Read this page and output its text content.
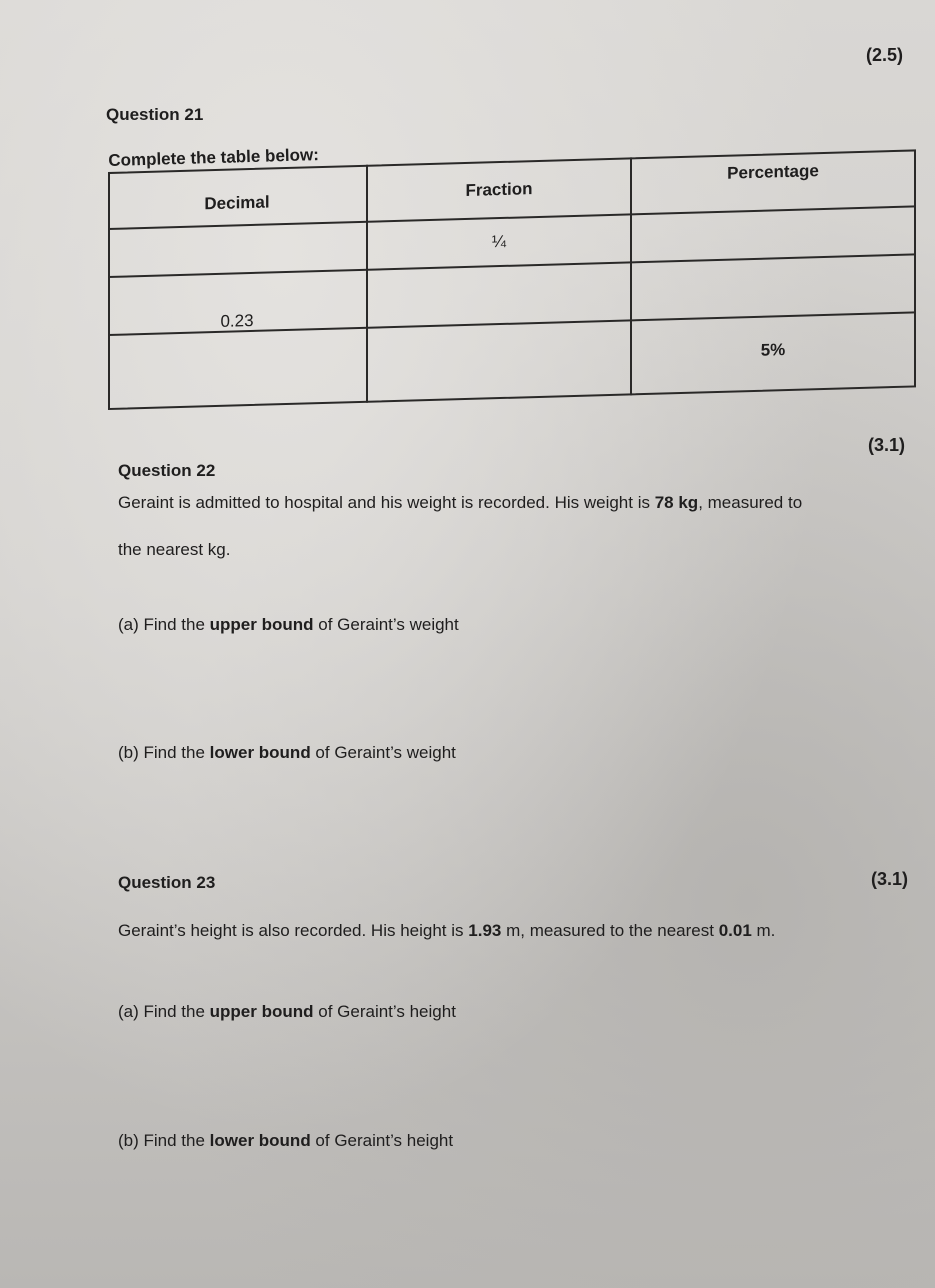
(2.5)
Question 21
Complete the table below:
Decimal
Fraction
Percentage
¼
0.23
5%
(3.1)
Question 22
Geraint is admitted to hospital and his weight is recorded. His weight is 78 kg, measured to
the nearest kg.
(a) Find the upper bound of Geraint’s weight
(b) Find the lower bound of Geraint’s weight
Question 23	(3.1)
Geraint’s height is also recorded. His height is 1.93 m, measured to the nearest 0.01 m.
(a) Find the upper bound of Geraint’s height
(b) Find the lower bound of Geraint’s height
